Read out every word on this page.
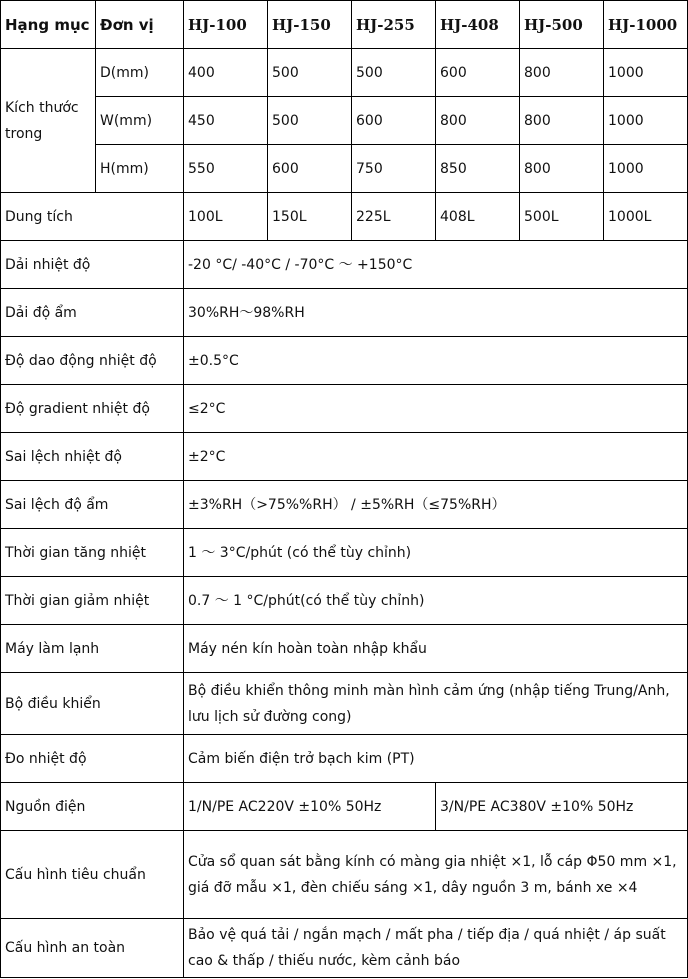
Hạng mục	Đơn vị	HJ-100	HJ-150	HJ-255	HJ-408	HJ-500	HJ-1000
Kích thước trong	D(mm)	400	500	500	600	800	1000
	W(mm)	450	500	600	800	800	1000
	H(mm)	550	600	750	850	800	1000
Dung tích		100L	150L	225L	408L	500L	1000L
Dải nhiệt độ		-20 °C/ -40°C / -70°C ～ +150°C					
Dải độ ẩm		30%RH～98%RH					
Độ dao động nhiệt độ		±0.5°C					
Độ gradient nhiệt độ		≤2°C					
Sai lệch nhiệt độ		±2°C					
Sai lệch độ ẩm		±3%RH（>75%%RH） / ±5%RH（≤75%RH）					
Thời gian tăng nhiệt		1 ～ 3°C/phút (có thể tùy chỉnh)					
Thời gian giảm nhiệt		0.7 ～ 1 °C/phút(có thể tùy chỉnh)					
Máy làm lạnh		Máy nén kín hoàn toàn nhập khẩu					
Bộ điều khiển		Bộ điều khiển thông minh màn hình cảm ứng (nhập tiếng Trung/Anh, lưu lịch sử đường cong)					
Đo nhiệt độ		Cảm biến điện trở bạch kim (PT)					
Nguồn điện		1/N/PE AC220V ±10% 50Hz			3/N/PE AC380V ±10% 50Hz		
Cấu hình tiêu chuẩn		Cửa sổ quan sát bằng kính có màng gia nhiệt ×1, lỗ cáp Φ50 mm ×1, giá đỡ mẫu ×1, đèn chiếu sáng ×1, dây nguồn 3 m, bánh xe ×4					
Cấu hình an toàn		Bảo vệ quá tải / ngắn mạch / mất pha / tiếp địa / quá nhiệt / áp suất cao & thấp / thiếu nước, kèm cảnh báo					
